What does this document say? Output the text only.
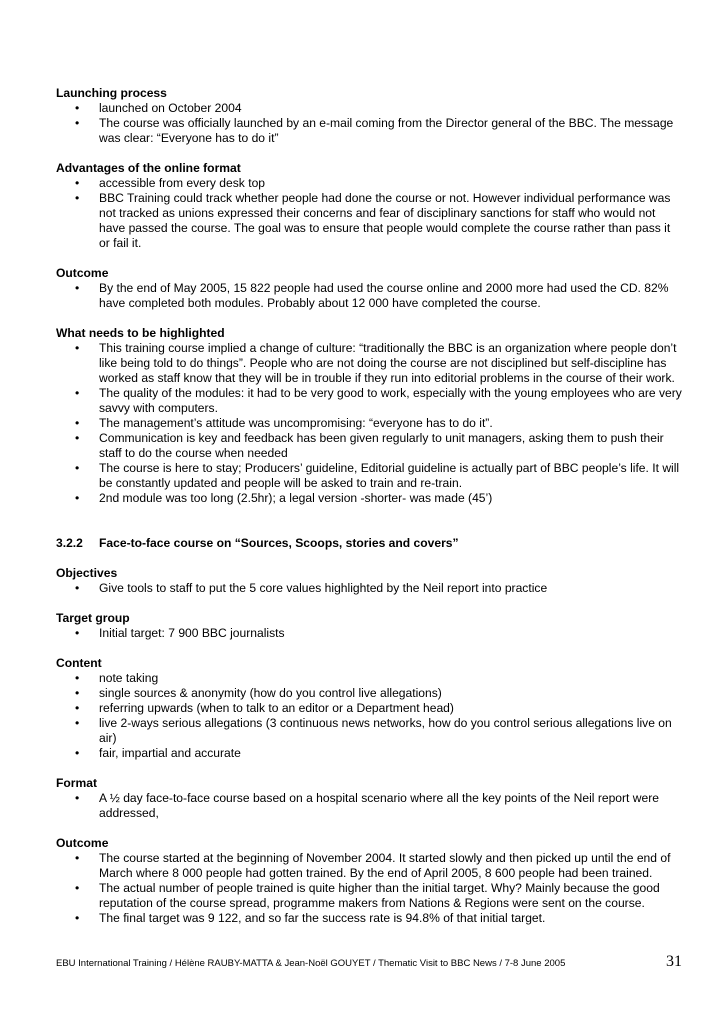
Launching process
• launched on October 2004
• The course was officially launched by an e-mail coming from the Director general of the BBC. The message was clear: “Everyone has to do it”
Advantages of the online format
• accessible from every desk top
• BBC Training could track whether people had done the course or not. However individual performance was not tracked as unions expressed their concerns and fear of disciplinary sanctions for staff who would not have passed the course. The goal was to ensure that people would complete the course rather than pass it or fail it.
Outcome
• By the end of May 2005, 15 822 people had used the course online and 2000 more had used the CD. 82% have completed both modules. Probably about 12 000 have completed the course.
What needs to be highlighted
• This training course implied a change of culture: “traditionally the BBC is an organization where people don’t like being told to do things”. People who are not doing the course are not disciplined but self-discipline has worked as staff know that they will be in trouble if they run into editorial problems in the course of their work.
• The quality of the modules: it had to be very good to work, especially with the young employees who are very savvy with computers.
• The management’s attitude was uncompromising: “everyone has to do it”.
• Communication is key and feedback has been given regularly to unit managers, asking them to push their staff to do the course when needed
• The course is here to stay; Producers’ guideline, Editorial guideline is actually part of BBC people’s life. It will be constantly updated and people will be asked to train and re-train.
• 2nd module was too long (2.5hr); a legal version -shorter- was made (45’)
3.2.2	Face-to-face course on “Sources, Scoops, stories and covers”
Objectives
• Give tools to staff to put the 5 core values highlighted by the Neil report into practice
Target group
• Initial target: 7 900 BBC journalists
Content
• note taking
• single sources & anonymity (how do you control live allegations)
• referring upwards (when to talk to an editor or a Department head)
• live 2-ways serious allegations (3 continuous news networks, how do you control serious allegations live on air)
• fair, impartial and accurate
Format
• A ½ day face-to-face course based on a hospital scenario where all the key points of the Neil report were addressed,
Outcome
• The course started at the beginning of November 2004. It started slowly and then picked up until the end of March where 8 000 people had gotten trained. By the end of April 2005, 8 600 people had been trained.
• The actual number of people trained is quite higher than the initial target. Why? Mainly because the good reputation of the course spread, programme makers from Nations & Regions were sent on the course.
• The final target was 9 122, and so far the success rate is 94.8% of that initial target.
EBU International Training / Hélène RAUBY-MATTA & Jean-Noël GOUYET / Thematic Visit to BBC News / 7-8 June 2005	31
